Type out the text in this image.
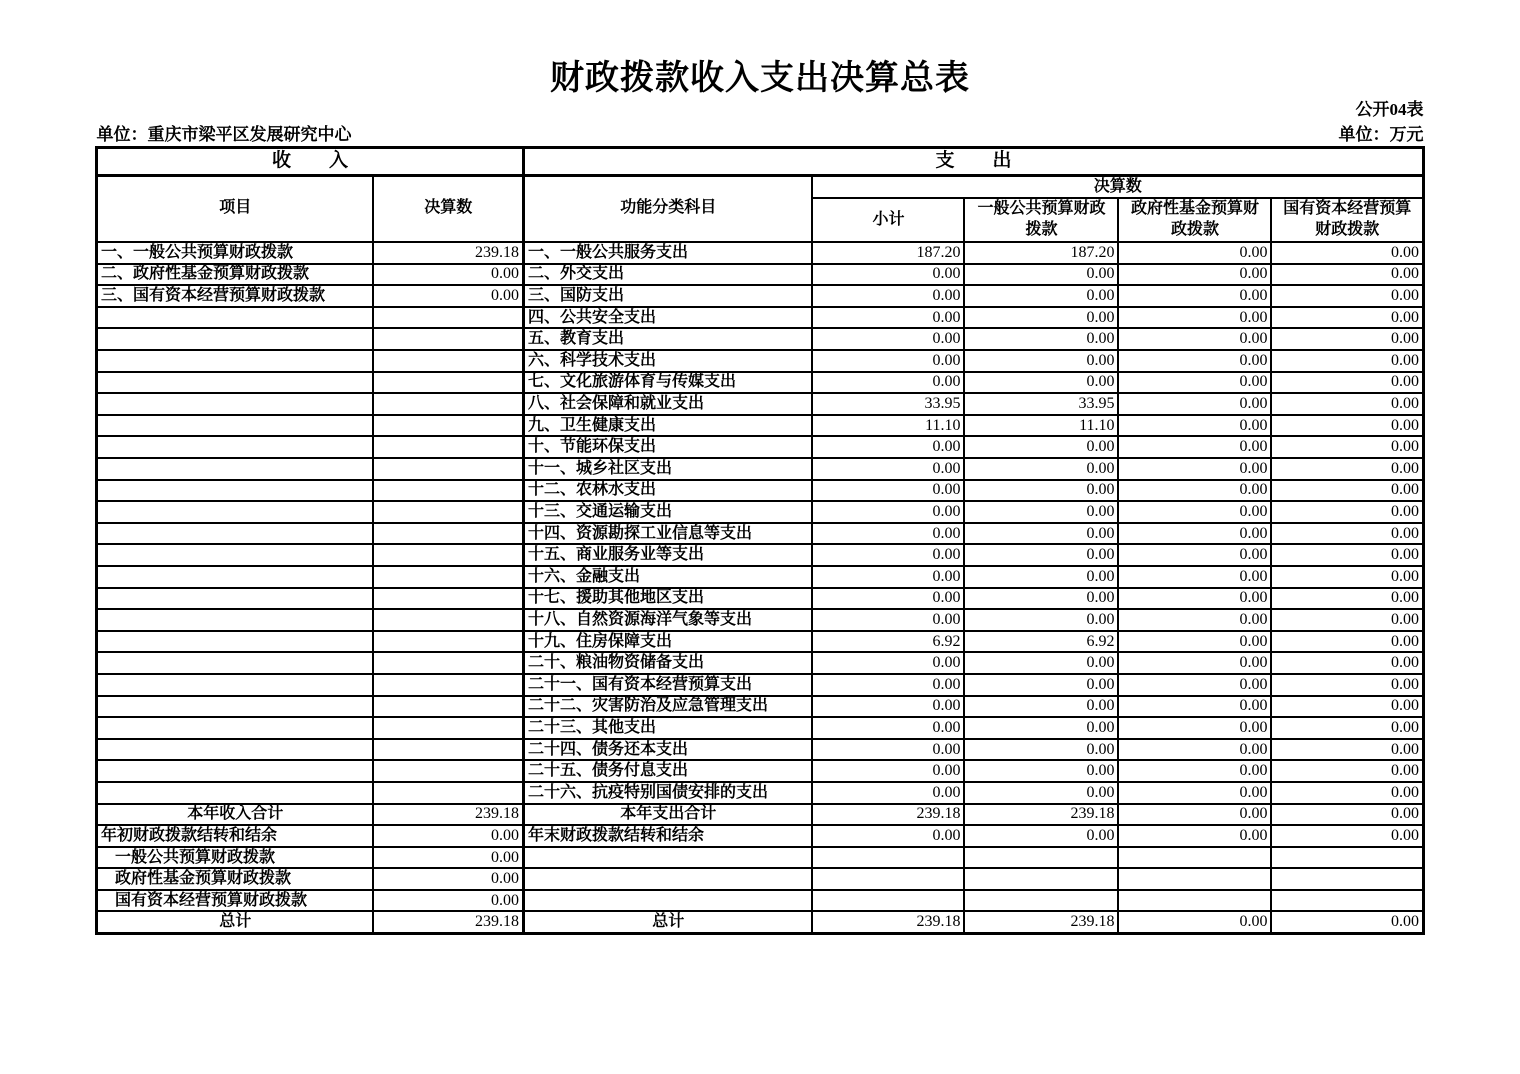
财政拨款收入支出决算总表
公开04表
单位：重庆市梁平区发展研究中心	单位：万元
收　　入		支　　出				
项目	决算数	功能分类科目	决算数			
			小计	一般公共预算财政拨款	政府性基金预算财政拨款	国有资本经营预算财政拨款
一、一般公共预算财政拨款	239.18	一、一般公共服务支出	187.20	187.20	0.00	0.00
二、政府性基金预算财政拨款	0.00	二、外交支出	0.00	0.00	0.00	0.00
三、国有资本经营预算财政拨款	0.00	三、国防支出	0.00	0.00	0.00	0.00
		四、公共安全支出	0.00	0.00	0.00	0.00
		五、教育支出	0.00	0.00	0.00	0.00
		六、科学技术支出	0.00	0.00	0.00	0.00
		七、文化旅游体育与传媒支出	0.00	0.00	0.00	0.00
		八、社会保障和就业支出	33.95	33.95	0.00	0.00
		九、卫生健康支出	11.10	11.10	0.00	0.00
		十、节能环保支出	0.00	0.00	0.00	0.00
		十一、城乡社区支出	0.00	0.00	0.00	0.00
		十二、农林水支出	0.00	0.00	0.00	0.00
		十三、交通运输支出	0.00	0.00	0.00	0.00
		十四、资源勘探工业信息等支出	0.00	0.00	0.00	0.00
		十五、商业服务业等支出	0.00	0.00	0.00	0.00
		十六、金融支出	0.00	0.00	0.00	0.00
		十七、援助其他地区支出	0.00	0.00	0.00	0.00
		十八、自然资源海洋气象等支出	0.00	0.00	0.00	0.00
		十九、住房保障支出	6.92	6.92	0.00	0.00
		二十、粮油物资储备支出	0.00	0.00	0.00	0.00
		二十一、国有资本经营预算支出	0.00	0.00	0.00	0.00
		二十二、灾害防治及应急管理支出	0.00	0.00	0.00	0.00
		二十三、其他支出	0.00	0.00	0.00	0.00
		二十四、债务还本支出	0.00	0.00	0.00	0.00
		二十五、债务付息支出	0.00	0.00	0.00	0.00
		二十六、抗疫特别国债安排的支出	0.00	0.00	0.00	0.00
本年收入合计	239.18	本年支出合计	239.18	239.18	0.00	0.00
年初财政拨款结转和结余	0.00	年末财政拨款结转和结余	0.00	0.00	0.00	0.00
一般公共预算财政拨款	0.00					
政府性基金预算财政拨款	0.00					
国有资本经营预算财政拨款	0.00					
总计	239.18	总计	239.18	239.18	0.00	0.00
